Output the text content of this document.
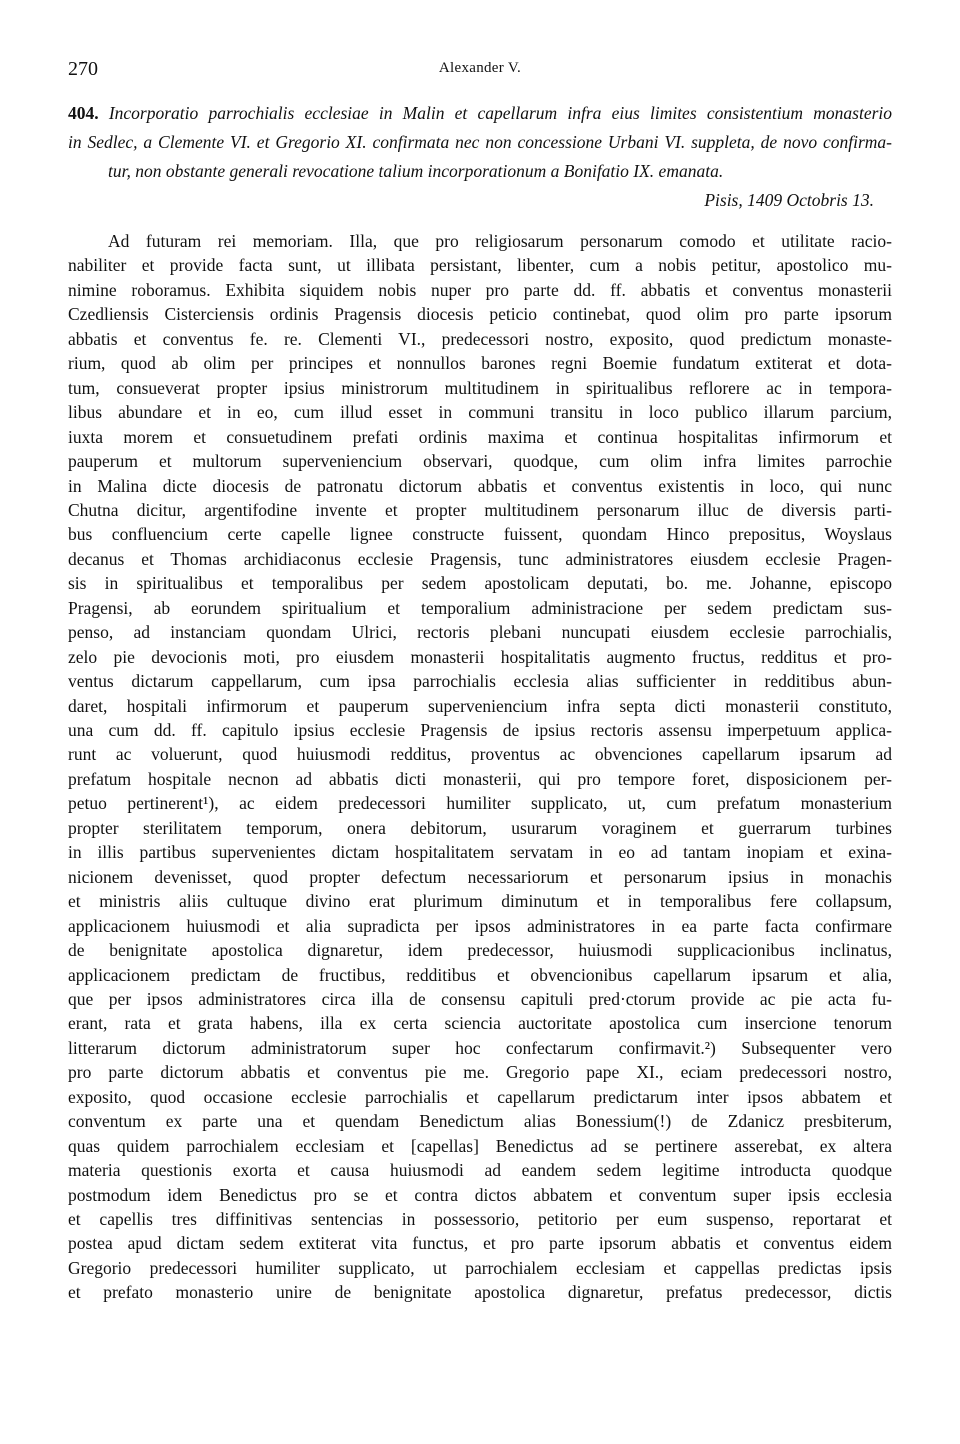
270	Alexander V.
404. Incorporatio parrochialis ecclesiae in Malin et capellarum infra eius limites consistentium monasterio
in Sedlec, a Clemente VI. et Gregorio XI. confirmata nec non concessione Urbani VI. suppleta, de novo confirma-
tur, non obstante generali revocatione talium incorporationum a Bonifatio IX. emanata.
Pisis, 1409 Octobris 13.
Ad futuram rei memoriam. Illa, que pro religiosarum personarum comodo et utilitate racio-
nabiliter et provide facta sunt, ut illibata persistant, libenter, cum a nobis petitur, apostolico mu-
nimine roboramus. Exhibita siquidem nobis nuper pro parte dd. ff. abbatis et conventus monasterii
Czedliensis Cisterciensis ordinis Pragensis diocesis peticio continebat, quod olim pro parte ipsorum
abbatis et conventus fe. re. Clementi VI., predecessori nostro, exposito, quod predictum monaste-
rium, quod ab olim per principes et nonnullos barones regni Boemie fundatum extiterat et dota-
tum, consueverat propter ipsius ministrorum multitudinem in spiritualibus reflorere ac in temporа-
libus abundare et in eo, cum illud esset in communi transitu in loco publico illarum parcium,
iuxta morem et consuetudinem prefati ordinis maxima et continua hospitalitas infirmorum et
pauperum et multorum superveniencium observari, quodque, cum olim infra limites parrochie
in Malina dicte diocesis de patronatu dictorum abbatis et conventus existentis in loco, qui nunc
Chutna dicitur, argentifodine invente et propter multitudinem personarum illuc de diversis parti-
bus confluencium certe capelle lignee constructe fuissent, quondam Hinco prepositus, Woyslaus
decanus et Thomas archidiaconus ecclesie Pragensis, tunc administratores eiusdem ecclesie Pragen-
sis in spiritualibus et temporalibus per sedem apostolicam deputati, bo. me. Johanne, episcopo
Pragensi, ab eorundem spiritualium et temporalium administracione per sedem predictam sus-
penso, ad instanciam quondam Ulrici, rectoris plebani nuncupati eiusdem ecclesie parrochialis,
zelo pie devocionis moti, pro eiusdem monasterii hospitalitatis augmento fructus, redditus et pro-
ventus dictarum cappellarum, cum ipsa parrochialis ecclesia alias sufficienter in redditibus abun-
daret, hospitali infirmorum et pauperum superveniencium infra septa dicti monasterii constituto,
una cum dd. ff. capitulo ipsius ecclesie Pragensis de ipsius rectoris assensu imperpetuum applica-
runt ac voluerunt, quod huiusmodi redditus, proventus ac obvenciones capellarum ipsarum ad
prefatum hospitale necnon ad abbatis dicti monasterii, qui pro tempore foret, disposicionem per-
petuo pertinerent¹), ac eidem predecessori humiliter supplicato, ut, cum prefatum monasterium
propter sterilitatem temporum, onera debitorum, usurarum voraginem et guerrarum turbines
in illis partibus supervenientes dictam hospitalitatem servatam in eo ad tantam inopiam et exina-
nicionem devenisset, quod propter defectum necessariorum et personarum ipsius in monachis
et ministris aliis cultuque divino erat plurimum diminutum et in temporalibus fere collapsum,
applicacionem huiusmodi et alia supradicta per ipsos administratores in ea parte facta confirmare
de benignitate apostolica dignaretur, idem predecessor, huiusmodi supplicacionibus inclinatus,
applicacionem predictam de fructibus, redditibus et obvencionibus capellarum ipsarum et alia,
que per ipsos administratores circa illa de consensu capituli pred·ctorum provide ac pie acta fu-
erant, rata et grata habens, illa ex certa sciencia auctoritate apostolica cum insercione tenorum
litterarum dictorum administratorum super hoc confectarum confirmavit.²) Subsequenter vero
pro parte dictorum abbatis et conventus pie me. Gregorio pape XI., eciam predecessori nostro,
exposito, quod occasione ecclesie parrochialis et capellarum predictarum inter ipsos abbatem et
conventum ex parte una et quendam Benedictum alias Bonessium(!) de Zdanicz presbiterum,
quas quidem parrochialem ecclesiam et [capellas] Benedictus ad se pertinere asserebat, ex altera
materia questionis exorta et causa huiusmodi ad eandem sedem legitime introducta quodque
postmodum idem Benedictus pro se et contra dictos abbatem et conventum super ipsis ecclesia
et capellis tres diffinitivas sentencias in possessorio, petitorio per eum suspenso, reportarat et
postea apud dictam sedem extiterat vita functus, et pro parte ipsorum abbatis et conventus eidem
Gregorio predecessori humiliter supplicato, ut parrochialem ecclesiam et cappellas predictas ipsis
et prefato monasterio unire de benignitate apostolica dignaretur, prefatus predecessor, dictis
